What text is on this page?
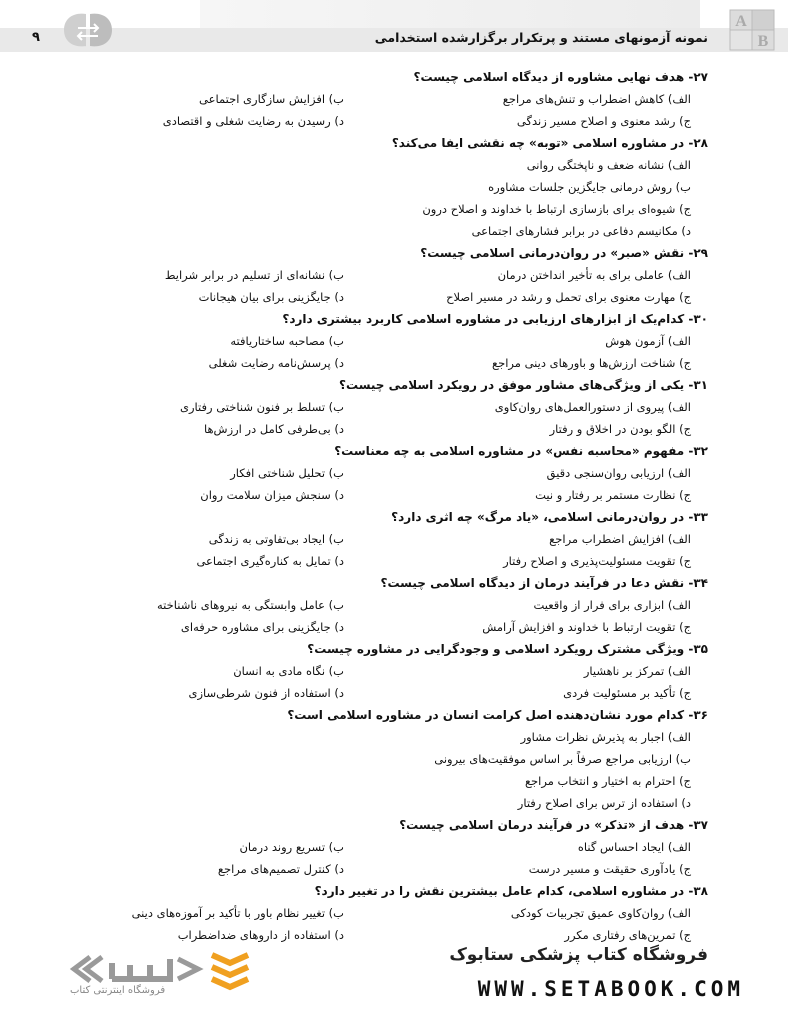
A
B
نمونه آزمونهای مستند و پرتکرار برگزارشده استخدامی
۹
۲۷- هدف نهایی مشاوره از دیدگاه اسلامی چیست؟
الف) کاهش اضطراب و تنش‌های مراجع
ب) افزایش سازگاری اجتماعی
ج) رشد معنوی و اصلاح مسیر زندگی
د) رسیدن به رضایت شغلی و اقتصادی
۲۸- در مشاوره اسلامی «توبه» چه نقشی ایفا می‌کند؟
الف) نشانه ضعف و ناپختگی روانی
ب) روش درمانی جایگزین جلسات مشاوره
ج) شیوه‌ای برای بازسازی ارتباط با خداوند و اصلاح درون
د) مکانیسم دفاعی در برابر فشارهای اجتماعی
۲۹- نقش «صبر» در روان‌درمانی اسلامی چیست؟
الف) عاملی برای به تأخیر انداختن درمان
ب) نشانه‌ای از تسلیم در برابر شرایط
ج) مهارت معنوی برای تحمل و رشد در مسیر اصلاح
د) جایگزینی برای بیان هیجانات
۳۰- کدام‌یک از ابزارهای ارزیابی در مشاوره اسلامی کاربرد بیشتری دارد؟
الف) آزمون هوش
ب) مصاحبه ساختاریافته
ج) شناخت ارزش‌ها و باورهای دینی مراجع
د) پرسش‌نامه رضایت شغلی
۳۱- یکی از ویژگی‌های مشاور موفق در رویکرد اسلامی چیست؟
الف) پیروی از دستورالعمل‌های روان‌کاوی
ب) تسلط بر فنون شناختی رفتاری
ج) الگو بودن در اخلاق و رفتار
د) بی‌طرفی کامل در ارزش‌ها
۳۲- مفهوم «محاسبه نفس» در مشاوره اسلامی به چه معناست؟
الف) ارزیابی روان‌سنجی دقیق
ب) تحلیل شناختی افکار
ج) نظارت مستمر بر رفتار و نیت
د) سنجش میزان سلامت روان
۳۳- در روان‌درمانی اسلامی، «یاد مرگ» چه اثری دارد؟
الف) افزایش اضطراب مراجع
ب) ایجاد بی‌تفاوتی به زندگی
ج) تقویت مسئولیت‌پذیری و اصلاح رفتار
د) تمایل به کناره‌گیری اجتماعی
۳۴- نقش دعا در فرآیند درمان از دیدگاه اسلامی چیست؟
الف) ابزاری برای فرار از واقعیت
ب) عامل وابستگی به نیروهای ناشناخته
ج) تقویت ارتباط با خداوند و افزایش آرامش
د) جایگزینی برای مشاوره حرفه‌ای
۳۵- ویژگی مشترک رویکرد اسلامی و وجودگرایی در مشاوره چیست؟
الف) تمرکز بر ناهشیار
ب) نگاه مادی به انسان
ج) تأکید بر مسئولیت فردی
د) استفاده از فنون شرطی‌سازی
۳۶- کدام مورد نشان‌دهنده اصل کرامت انسان در مشاوره اسلامی است؟
الف) اجبار به پذیرش نظرات مشاور
ب) ارزیابی مراجع صرفاً بر اساس موفقیت‌های بیرونی
ج) احترام به اختیار و انتخاب مراجع
د) استفاده از ترس برای اصلاح رفتار
۳۷- هدف از «تذکر» در فرآیند درمان اسلامی چیست؟
الف) ایجاد احساس گناه
ب) تسریع روند درمان
ج) یادآوری حقیقت و مسیر درست
د) کنترل تصمیم‌های مراجع
۳۸- در مشاوره اسلامی، کدام عامل بیشترین نقش را در تغییر دارد؟
الف) روان‌کاوی عمیق تجربیات کودکی
ب) تغییر نظام باور با تأکید بر آموزه‌های دینی
ج) تمرین‌های رفتاری مکرر
د) استفاده از داروهای ضداضطراب
فروشگاه اینترنتی کتاب
فروشگاه کتاب پزشکی ستابوک
WWW.SETABOOK.COM
